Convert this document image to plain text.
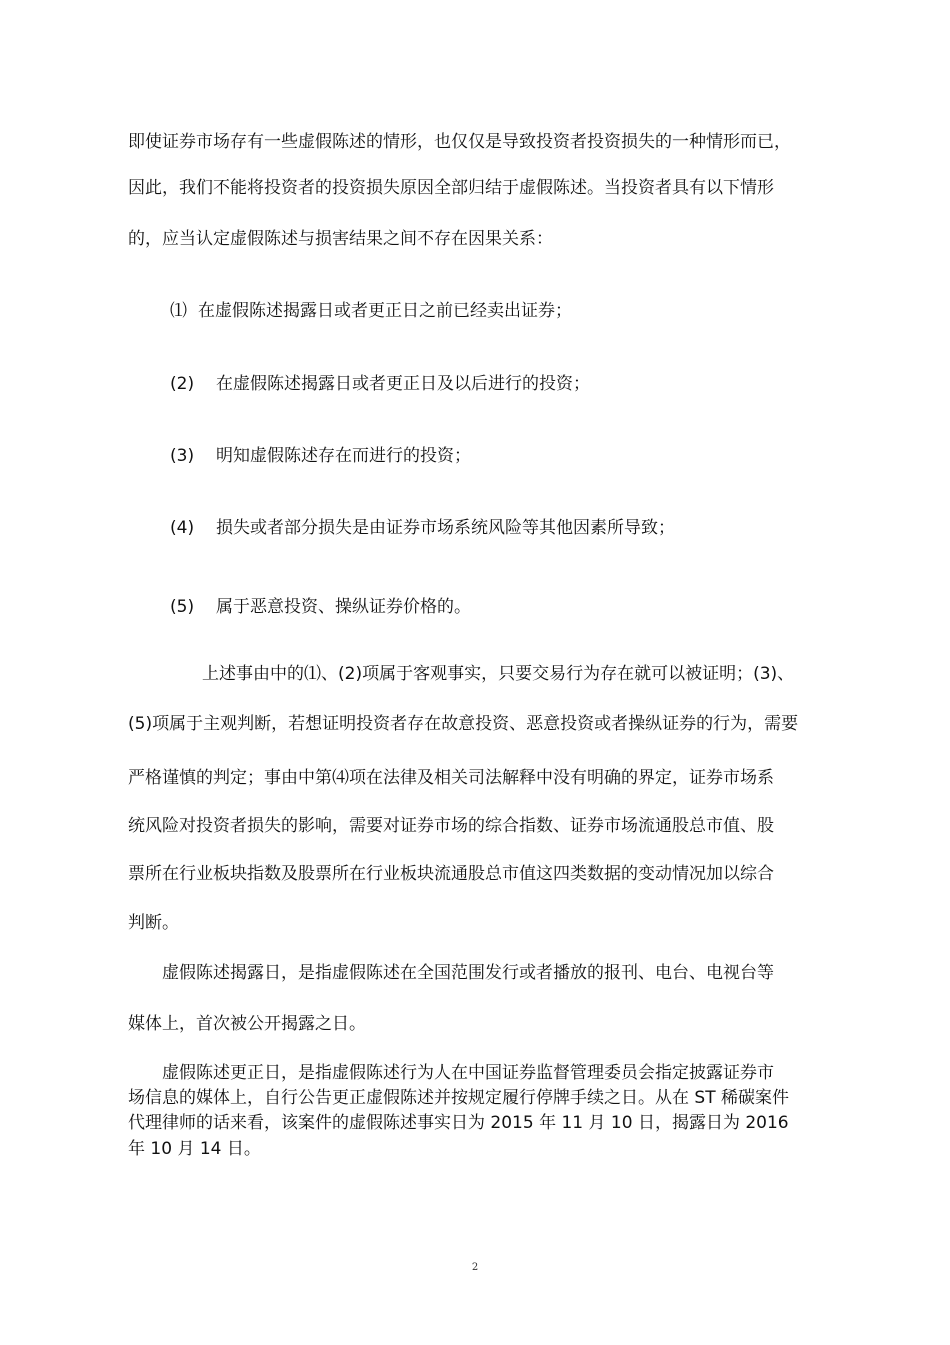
即使证券市场存有一些虚假陈述的情形，也仅仅是导致投资者投资损失的一种情形而已，
因此，我们不能将投资者的投资损失原因全部归结于虚假陈述。当投资者具有以下情形
的，应当认定虚假陈述与损害结果之间不存在因果关系：
⑴ 在虚假陈述揭露日或者更正日之前已经卖出证券；
(2) 在虚假陈述揭露日或者更正日及以后进行的投资；
(3) 明知虚假陈述存在而进行的投资；
(4) 损失或者部分损失是由证券市场系统风险等其他因素所导致；
(5) 属于恶意投资、操纵证券价格的。
上述事由中的⑴、(2)项属于客观事实，只要交易行为存在就可以被证明；(3)、
(5)项属于主观判断，若想证明投资者存在故意投资、恶意投资或者操纵证券的行为，需要
严格谨慎的判定；事由中第⑷项在法律及相关司法解释中没有明确的界定，证券市场系
统风险对投资者损失的影响，需要对证券市场的综合指数、证券市场流通股总市值、股
票所在行业板块指数及股票所在行业板块流通股总市值这四类数据的变动情况加以综合
判断。
虚假陈述揭露日，是指虚假陈述在全国范围发行或者播放的报刊、电台、电视台等
媒体上，首次被公开揭露之日。
虚假陈述更正日，是指虚假陈述行为人在中国证券监督管理委员会指定披露证券市
场信息的媒体上，自行公告更正虚假陈述并按规定履行停牌手续之日。从在 ST 稀碳案件
代理律师的话来看，该案件的虚假陈述事实日为 2015 年 11 月 10 日，揭露日为 2016
年 10 月 14 日。
2
